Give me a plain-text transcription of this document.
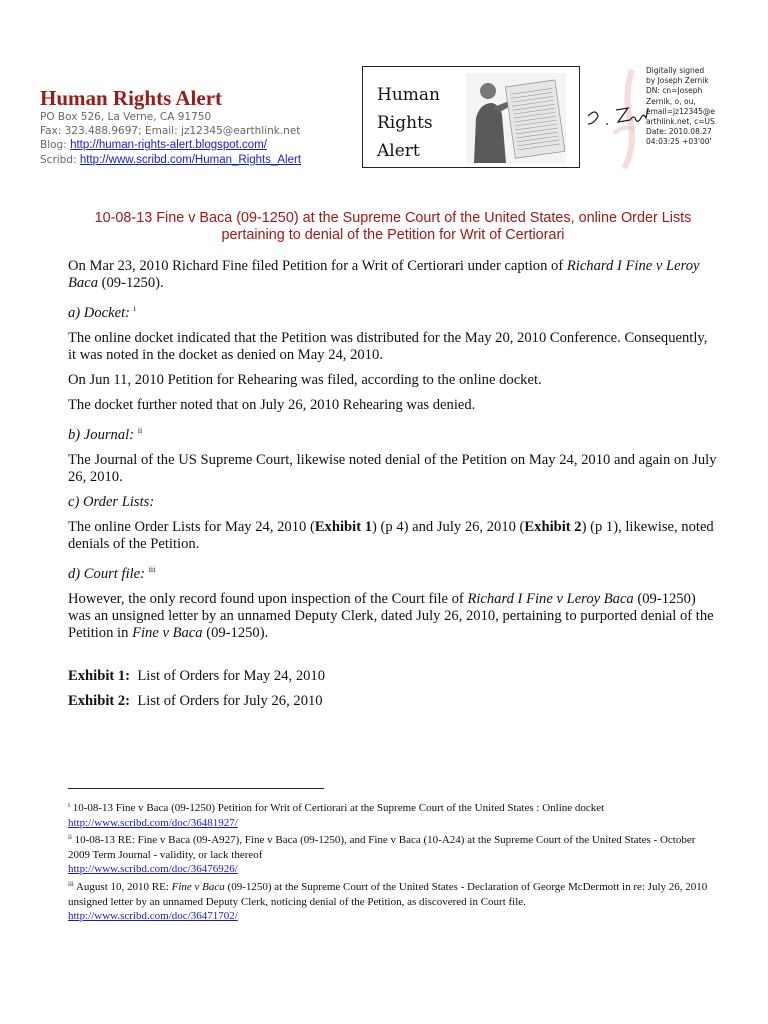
Human Rights Alert
PO Box 526, La Verne, CA 91750
Fax: 323.488.9697; Email: jz12345@earthlink.net
Blog: http://human-rights-alert.blogspot.com/
Scribd: http://www.scribd.com/Human_Rights_Alert
Human
Rights
Alert
Digitally signed
by Joseph Zernik
DN: cn=Joseph
Zernik, o, ou,
email=jz12345@e
arthlink.net, c=US
Date: 2010.08.27
04:03:25 +03'00'
10-08-13 Fine v Baca (09-1250) at the Supreme Court of the United States, online Order Lists
pertaining to denial of the Petition for Writ of Certiorari

On Mar 23, 2010 Richard Fine filed Petition for a Writ of Certiorari under caption of Richard I Fine v Leroy Baca (09-1250).

a) Docket: $^i$

The online docket indicated that the Petition was distributed for the May 20, 2010 Conference. Consequently, it was noted in the docket as denied on May 24, 2010.

On Jun 11, 2010 Petition for Rehearing was filed, according to the online docket.

The docket further noted that on July 26, 2010 Rehearing was denied.

b) Journal: $^{ii}$

The Journal of the US Supreme Court, likewise noted denial of the Petition on May 24, 2010 and again on July 26, 2010.

c) Order Lists:

The online Order Lists for May 24, 2010 (Exhibit 1) (p 4) and July 26, 2010 (Exhibit 2) (p 1), likewise, noted denials of the Petition.

d) Court file: $^{iii}$

However, the only record found upon inspection of the Court file of Richard I Fine v Leroy Baca (09-1250) was an unsigned letter by an unnamed Deputy Clerk, dated July 26, 2010, pertaining to purported denial of the Petition in Fine v Baca (09-1250).

Exhibit 1:  List of Orders for May 24, 2010

Exhibit 2:  List of Orders for July 26, 2010

$^i$ 10-08-13 Fine v Baca (09-1250) Petition for Writ of Certiorari at the Supreme Court of the United States : Online docket

http://www.scribd.com/doc/36481927/

$^{ii}$ 10-08-13 RE: Fine v Baca (09-A927), Fine v Baca (09-1250), and Fine v Baca (10-A24) at the Supreme Court of the United States - October 2009 Term Journal - validity, or lack thereof

http://www.scribd.com/doc/36476926/

$^{iii}$ August 10, 2010 RE: Fine v Baca (09-1250) at the Supreme Court of the United States - Declaration of George McDermott in re: July 26, 2010 unsigned letter by an unnamed Deputy Clerk, noticing denial of the Petition, as discovered in Court file.

http://www.scribd.com/doc/36471702/
